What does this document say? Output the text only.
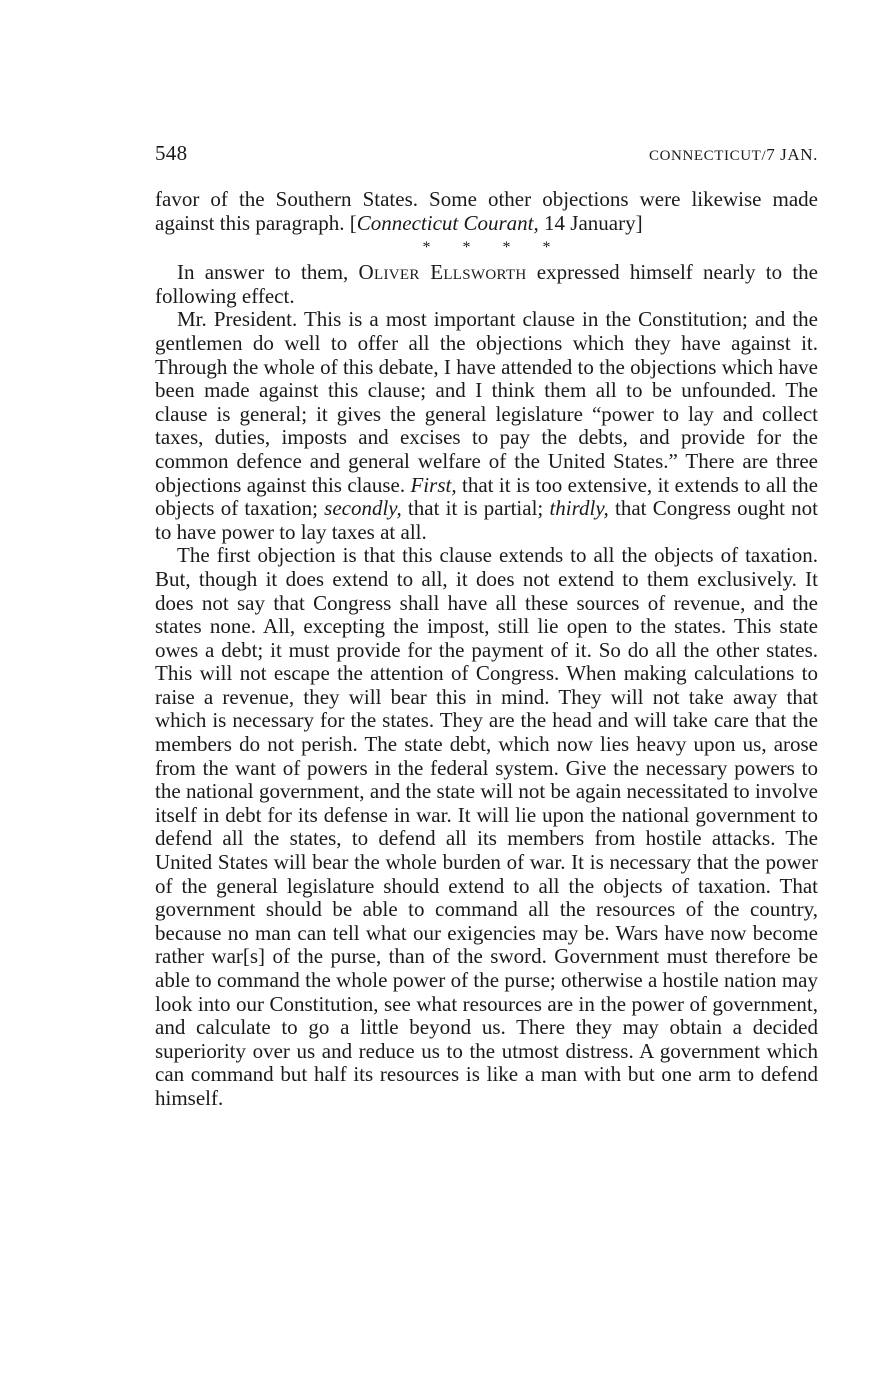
548	CONNECTICUT/7 JAN.

favor of the Southern States. Some other objections were likewise made against this paragraph. [Connecticut Courant, 14 January]

* * * *

In answer to them, Oliver Ellsworth expressed himself nearly to the following effect.

Mr. President. This is a most important clause in the Constitution; and the gentlemen do well to offer all the objections which they have against it. Through the whole of this debate, I have attended to the objections which have been made against this clause; and I think them all to be unfounded. The clause is general; it gives the general legislature “power to lay and collect taxes, duties, imposts and excises to pay the debts, and provide for the common defence and general welfare of the United States.” There are three objections against this clause. First, that it is too extensive, it extends to all the objects of taxation; secondly, that it is partial; thirdly, that Congress ought not to have power to lay taxes at all.

The first objection is that this clause extends to all the objects of taxation. But, though it does extend to all, it does not extend to them exclusively. It does not say that Congress shall have all these sources of revenue, and the states none. All, excepting the impost, still lie open to the states. This state owes a debt; it must provide for the payment of it. So do all the other states. This will not escape the attention of Congress. When making calculations to raise a revenue, they will bear this in mind. They will not take away that which is necessary for the states. They are the head and will take care that the members do not perish. The state debt, which now lies heavy upon us, arose from the want of powers in the federal system. Give the necessary powers to the national government, and the state will not be again necessitated to involve itself in debt for its defense in war. It will lie upon the national government to defend all the states, to defend all its members from hostile attacks. The United States will bear the whole burden of war. It is necessary that the power of the general legislature should extend to all the objects of taxation. That government should be able to command all the resources of the country, because no man can tell what our exigencies may be. Wars have now become rather war[s] of the purse, than of the sword. Government must therefore be able to command the whole power of the purse; otherwise a hostile nation may look into our Constitution, see what resources are in the power of government, and calculate to go a little beyond us. There they may obtain a decided superiority over us and reduce us to the utmost distress. A government which can command but half its resources is like a man with but one arm to defend himself.
